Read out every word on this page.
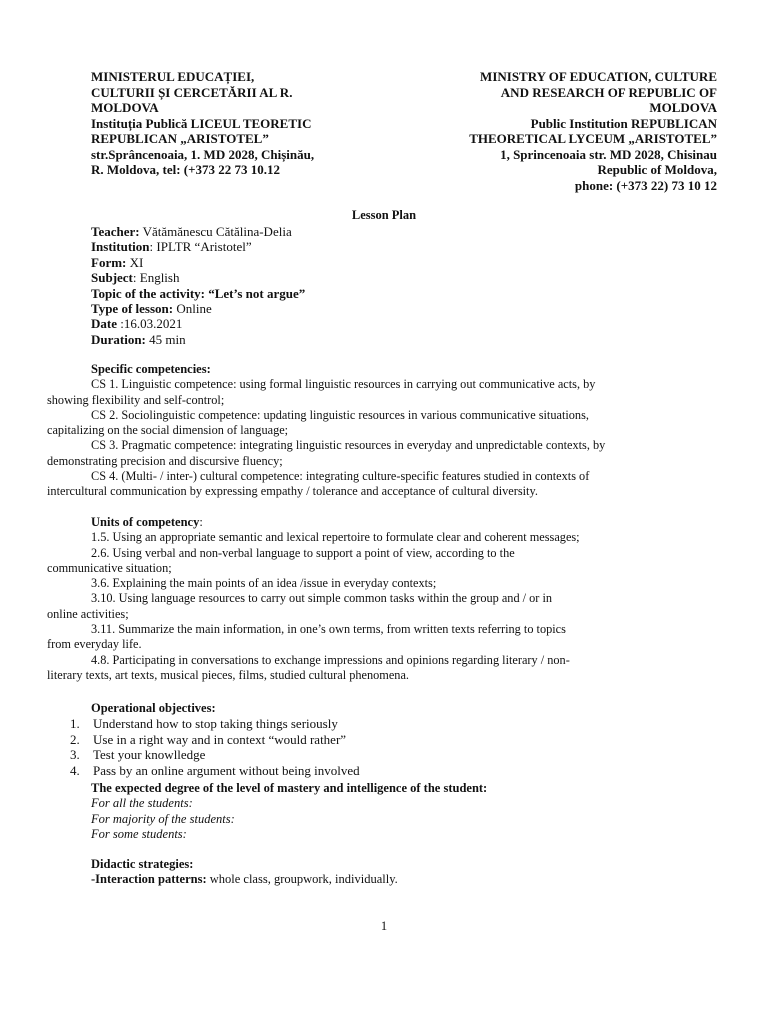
MINISTERUL EDUCAȚIEI,
CULTURII ȘI CERCETĂRII AL R.
MOLDOVA
Instituția Publică LICEUL TEORETIC
REPUBLICAN „ARISTOTEL”
str.Sprâncenoaia, 1. MD 2028, Chișinău,
R. Moldova, tel: (+373 22 73 10.12
MINISTRY OF EDUCATION, CULTURE
AND RESEARCH OF REPUBLIC OF
MOLDOVA
Public Institution REPUBLICAN
THEORETICAL LYCEUM „ARISTOTEL”
1, Sprincenoaia str. MD 2028, Chisinau
Republic of Moldova,
phone: (+373 22) 73 10 12
Lesson Plan
Teacher: Vătămănescu Cătălina-Delia
Institution: IPLTR “Aristotel”
Form: XI
Subject: English
Topic of the activity: “Let’s not argue”
Type of lesson: Online
Date :16.03.2021
Duration: 45 min
Specific competencies:
CS 1. Linguistic competence: using formal linguistic resources in carrying out communicative acts, by
showing flexibility and self-control;
CS 2. Sociolinguistic competence: updating linguistic resources in various communicative situations,
capitalizing on the social dimension of language;
CS 3. Pragmatic competence: integrating linguistic resources in everyday and unpredictable contexts, by
demonstrating precision and discursive fluency;
CS 4. (Multi- / inter-) cultural competence: integrating culture-specific features studied in contexts of
intercultural communication by expressing empathy / tolerance and acceptance of cultural diversity.
Units of competency:
1.5. Using an appropriate semantic and lexical repertoire to formulate clear and coherent messages;
2.6. Using verbal and non-verbal language to support a point of view, according to the
communicative situation;
3.6. Explaining the main points of an idea /issue in everyday contexts;
3.10. Using language resources to carry out simple common tasks within the group and / or in
online activities;
3.11. Summarize the main information, in one’s own terms, from written texts referring to topics
from everyday life.
4.8. Participating in conversations to exchange impressions and opinions regarding literary / non-
literary texts, art texts, musical pieces, films, studied cultural phenomena.
Operational objectives:
1. Understand how to stop taking things seriously
2. Use in a right way and in context “would rather”
3. Test your knowlledge
4. Pass by an online argument without being involved
The expected degree of the level of mastery and intelligence of the student:
For all the students:
For majority of the students:
For some students:
Didactic strategies:
-Interaction patterns: whole class, groupwork, individually.
1
